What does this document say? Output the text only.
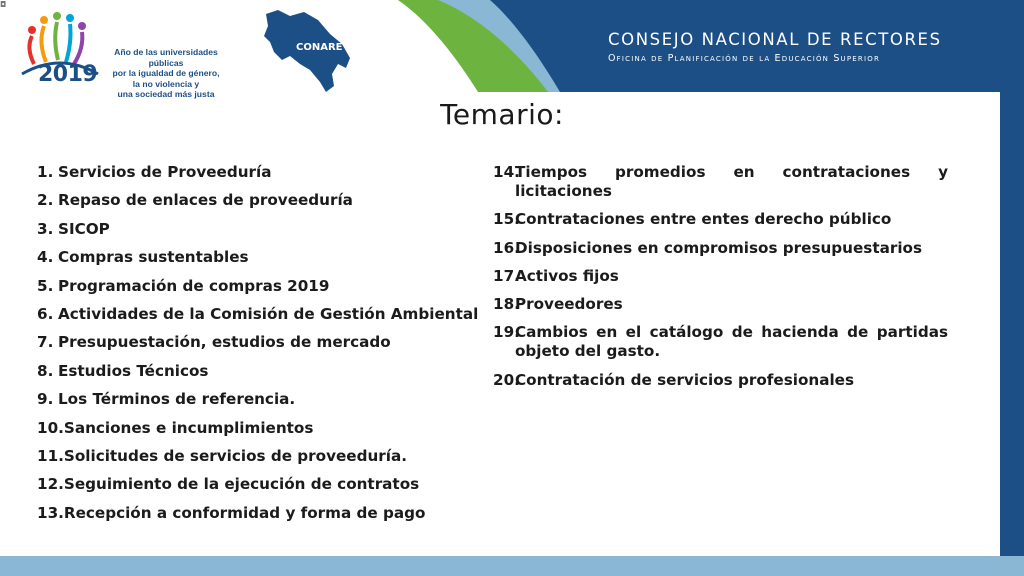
◘
CONSEJO NACIONAL DE RECTORES
Oficina de Planificación de la Educación Superior
2019
Año de las universidades públicas
por la igualdad de género,
la no violencia y
una sociedad más justa
CONARE
Temario:
1. Servicios de Proveeduría
2. Repaso de enlaces de proveeduría
3. SICOP
4. Compras sustentables
5. Programación de compras 2019
6. Actividades de la Comisión de Gestión Ambiental
7. Presupuestación, estudios de mercado
8. Estudios Técnicos
9. Los Términos de referencia.
10. Sanciones e incumplimientos
11. Solicitudes de servicios de proveeduría.
12. Seguimiento de la ejecución de contratos
13. Recepción a conformidad y forma de pago
14.
Tiempos promedios en contrataciones y licitaciones
15.
Contrataciones entre entes derecho público
16.
Disposiciones en compromisos presupuestarios
17.
Activos fijos
18.
Proveedores
19.
Cambios en el catálogo de hacienda de partidas objeto del gasto.
20.
Contratación de servicios profesionales
